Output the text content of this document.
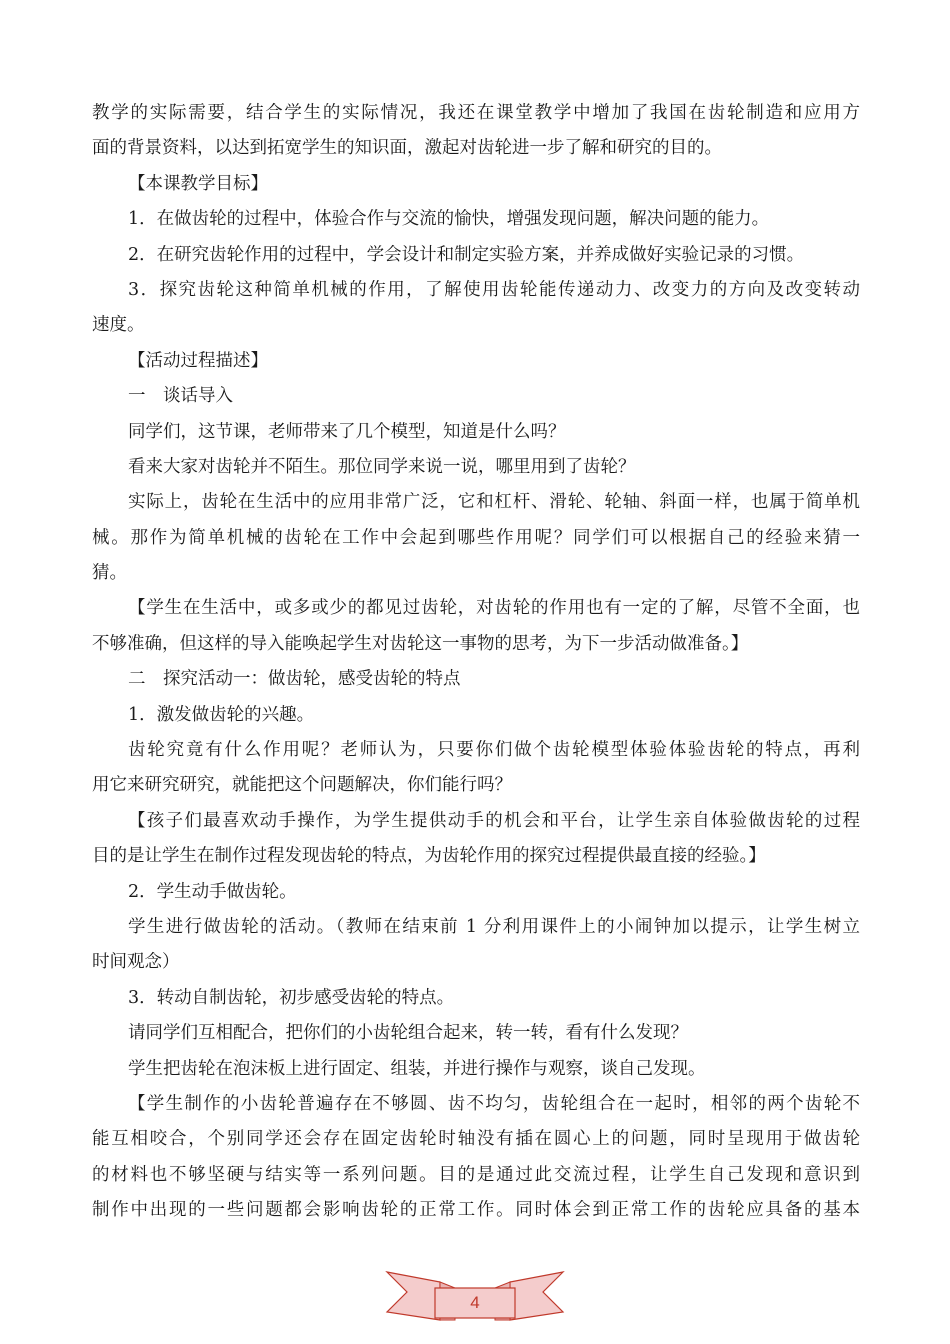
教学的实际需要，结合学生的实际情况，我还在课堂教学中增加了我国在齿轮制造和应用方
面的背景资料，以达到拓宽学生的知识面，激起对齿轮进一步了解和研究的目的。
【本课教学目标】
1．在做齿轮的过程中，体验合作与交流的愉快，增强发现问题，解决问题的能力。
2．在研究齿轮作用的过程中，学会设计和制定实验方案，并养成做好实验记录的习惯。
3．探究齿轮这种简单机械的作用，了解使用齿轮能传递动力、改变力的方向及改变转动
速度。
【活动过程描述】
一　谈话导入
同学们，这节课，老师带来了几个模型，知道是什么吗？
看来大家对齿轮并不陌生。那位同学来说一说，哪里用到了齿轮？
实际上，齿轮在生活中的应用非常广泛，它和杠杆、滑轮、轮轴、斜面一样，也属于简单机
械。那作为简单机械的齿轮在工作中会起到哪些作用呢？同学们可以根据自己的经验来猜一
猜。
【学生在生活中，或多或少的都见过齿轮，对齿轮的作用也有一定的了解，尽管不全面，也
不够准确，但这样的导入能唤起学生对齿轮这一事物的思考，为下一步活动做准备。】
二　探究活动一：做齿轮，感受齿轮的特点
1．激发做齿轮的兴趣。
齿轮究竟有什么作用呢？老师认为，只要你们做个齿轮模型体验体验齿轮的特点，再利
用它来研究研究，就能把这个问题解决，你们能行吗？
【孩子们最喜欢动手操作，为学生提供动手的机会和平台，让学生亲自体验做齿轮的过程
目的是让学生在制作过程发现齿轮的特点，为齿轮作用的探究过程提供最直接的经验。】
2．学生动手做齿轮。
学生进行做齿轮的活动。（教师在结束前 1 分利用课件上的小闹钟加以提示，让学生树立
时间观念）
3．转动自制齿轮，初步感受齿轮的特点。
请同学们互相配合，把你们的小齿轮组合起来，转一转，看有什么发现？
学生把齿轮在泡沫板上进行固定、组装，并进行操作与观察，谈自己发现。
【学生制作的小齿轮普遍存在不够圆、齿不均匀，齿轮组合在一起时，相邻的两个齿轮不
能互相咬合，个别同学还会存在固定齿轮时轴没有插在圆心上的问题，同时呈现用于做齿轮
的材料也不够坚硬与结实等一系列问题。目的是通过此交流过程，让学生自己发现和意识到
制作中出现的一些问题都会影响齿轮的正常工作。同时体会到正常工作的齿轮应具备的基本
4
